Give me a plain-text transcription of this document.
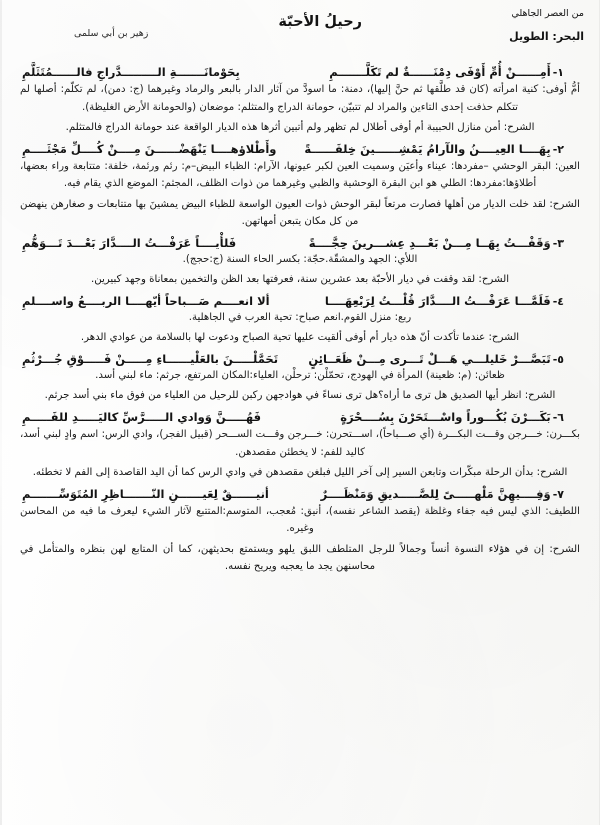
من العصر الجاهلي
رحيلُ الأحبّة
البحر: الطويل
زهير بن أبي سلمى
١-
أَمِــــــنْ أُمِّ أَوْفَى دِمْنَــــــةٌ لم تَكَلَّـــــــمِ
بِحَوْمانَـــــــةِ الـــــــــدَّراجِ فالــــــمُتَثَلَّمِ
أمُّ أوفى: كنية امرأته (كان قد طلَّقها ثم حنَّ إليها)، دمنة: ما اسودَّ من آثار الدار بالبعر والرماد وغيرهما (ج: دمن)، لم تكلّم: أصلها لم تتكلم حذفت إحدى التاءين والمراد لم تتبيّن، حومانة الدراج والمتثلم: موضعان (والحومانة الأرض الغليظة).
الشرح: أمن منازل الحبيبة أم أوفى أطلال لم تظهر ولم أتبين أثرها هذه الديار الواقعة عند حومانة الدراج فالمتثلم.
٢-
بِهَــــا العِيــــنُ والآرامُ يَمْشِــــــينَ خِلفَــــــةً
وأَطْلاؤهــــا يَنْهَضْــــــنَ مِــــنْ كُــــلِّ مَجْثَــــمِ
العين: البقر الوحشي –مفردها: عيناء وأعيَن وسميت العين لكبر عيونها، الآرام: الظباء البيض–م: رئم ورئمة، خلفة: متتابعة وراء بعضها، أطلاؤها:مفردها: الطلي هو ابن البقرة الوحشية والظبي وغيرهما من ذوات الظلف، المجثم: الموضع الذي يقام فيه.
الشرح: لقد خلت الديار من أهلها فصارت مرتعاً لبقر الوحش ذوات العيون الواسعة للظباء البيض يمشينَ بها متتابعات و صغارهن ينهضن من كل مكان يتبعن أمهاتهن.
٣-
وَقَفْـــتُ بِهَــا مِـــنْ بَعْـــدِ عِشـــرينَ حِجَّــــةً
فَلأْيــــاً عَرَفْـــتُ الــــدَّارَ بَعْـــدَ تَـــوَهُّمِ
اللأي: الجهد والمشقّة.حجّة: بكسر الحاء السنة (ج:حجج).
الشرح: لقد وقفت في ديار الأحبّة بعد عشرين سنة، فعرفتها بعد الظن والتخمين بمعاناة وجهد كبيرين.
٤-
فَلَمَّـــا عَرَفْـــتُ الــــدَّارَ قُلْـــتُ لِرَبْعِهَــــا
ألا انعــــم صَـــباحاً أيّهــــا الربــــعُ واســــلمِ
ربع: منزل القوم.انعم صباح: تحية العرب في الجاهلية.
الشرح: عندما تأكدت أنّ هذه ديار أم أوفى ألقيت عليها تحية الصباح ودعوت لها بالسلامة من عوادي الدهر.
٥-
تَبَصَّـــرْ خَليلـــي هَـــلْ تَـــرى مِـــنْ ظَعَــائِنٍ
تَحَمَّلْـــــنَ بالعَلْيــــــاءِ مِـــــنْ فَـــــوْقِ جُـــرْثُمِ
ظعائن: (م: ظعينة) المرأة في الهودج، تحمّلْن: ترحلْن، العلياء:المكان المرتفع، جرثم: ماء لبني أسد.
الشرح: انظر أيها الصديق هل ترى ما أراه؟هل ترى نساءً في هوادجهن ركبن للرحيل من العلياء من فوق ماء بني أسد جرثم.
٦-
بَكَـــرْنَ بُكُـــوراً واسْـــتَحَرْنَ بِسُــــحْرَةٍ
فَهُـــــنَّ وَوادي الـــــرَّسِّ كاليَـــــدِ للفَـــــمِ
بكـــرن: خـــرجن وقـــت البكـــرة (أي صـــباحاً)، اســـتحرن: خـــرجن وقـــت الســـحر (قبيل الفجر)، وادي الرس: اسم وادٍ لبني أسد، كاليد للفم: لا يخطئن مقصدهن.
الشرح: بدأن الرحلة مبكّرات وتابعن السير إلى آخر الليل فبلغن مقصدهن في وادي الرس كما أن اليد القاصدة إلى الفم لا تخطئه.
٧-
وَفِــــيهِنَّ مَلْهـــــىً لِلصَّـــــديقِ وَمَنْظَــــرٌ
أنيــــــقٌ لِعَيــــــنِ النّـــــــاظِرِ المُتَوَسِّـــــــمِ
اللطيف: الذي ليس فيه جفاء وغلظة (يقصد الشاعر نفسه)، أنيق: مُعجب، المتوسم:المتتبع لآثار الشيء ليعرف ما فيه من المحاسن وغيره.
الشرح: إن في هؤلاء النسوة أنساً وجمالاً للرجل المتلطف اللبق يلهو ويستمتع بحديثهن، كما أن المتابع لهن بنظره والمتأمل في محاسنهن يجد ما يعجبه ويريح نفسه.
